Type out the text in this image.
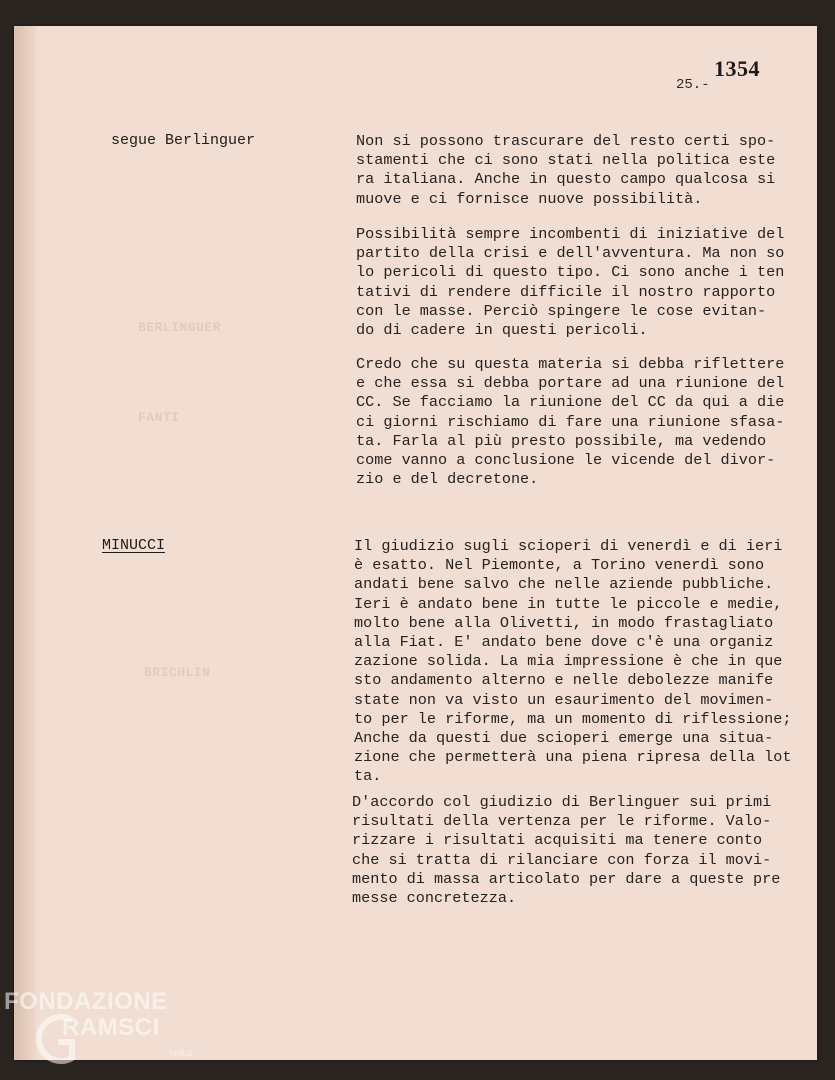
1354
25.-
BERLINGUER
FANTI
BRICHLIN
segue Berlinguer	Non si possono trascurare del resto certi spo-
stamenti che ci sono stati nella politica este
ra italiana. Anche in questo campo qualcosa si
muove e ci fornisce nuove possibilità.
Possibilità sempre incombenti di iniziative del
partito della crisi e dell'avventura. Ma non so
lo pericoli di questo tipo. Ci sono anche i ten
tativi di rendere difficile il nostro rapporto
con le masse. Perciò spingere le cose evitan-
do di cadere in questi pericoli.
Credo che su questa materia si debba riflettere
e che essa si debba portare ad una riunione del
CC. Se facciamo la riunione del CC da qui a die
ci giorni rischiamo di fare una riunione sfasa-
ta. Farla al più presto possibile, ma vedendo
come vanno a conclusione le vicende del divor-
zio e del decretone.
MINUCCI	Il giudizio sugli scioperi di venerdì e di ieri
è esatto. Nel Piemonte, a Torino venerdì sono
andati bene salvo che nelle aziende pubbliche.
Ieri è andato bene in tutte le piccole e medie,
molto bene alla Olivetti, in modo frastagliato
alla Fiat. E' andato bene dove c'è una organiz
zazione solida. La mia impressione è che in que
sto andamento alterno e nelle debolezze manife
state non va visto un esaurimento del movimen-
to per le riforme, ma un momento di riflessione;
Anche da questi due scioperi emerge una situa-
zione che permetterà una piena ripresa della lot
ta.
D'accordo col giudizio di Berlinguer sui primi
risultati della vertenza per le riforme. Valo-
rizzare i risultati acquisiti ma tenere conto
che si tratta di rilanciare con forza il movi-
mento di massa articolato per dare a queste pre
messe concretezza.
FONDAZIONE
RAMSCI
onlus
